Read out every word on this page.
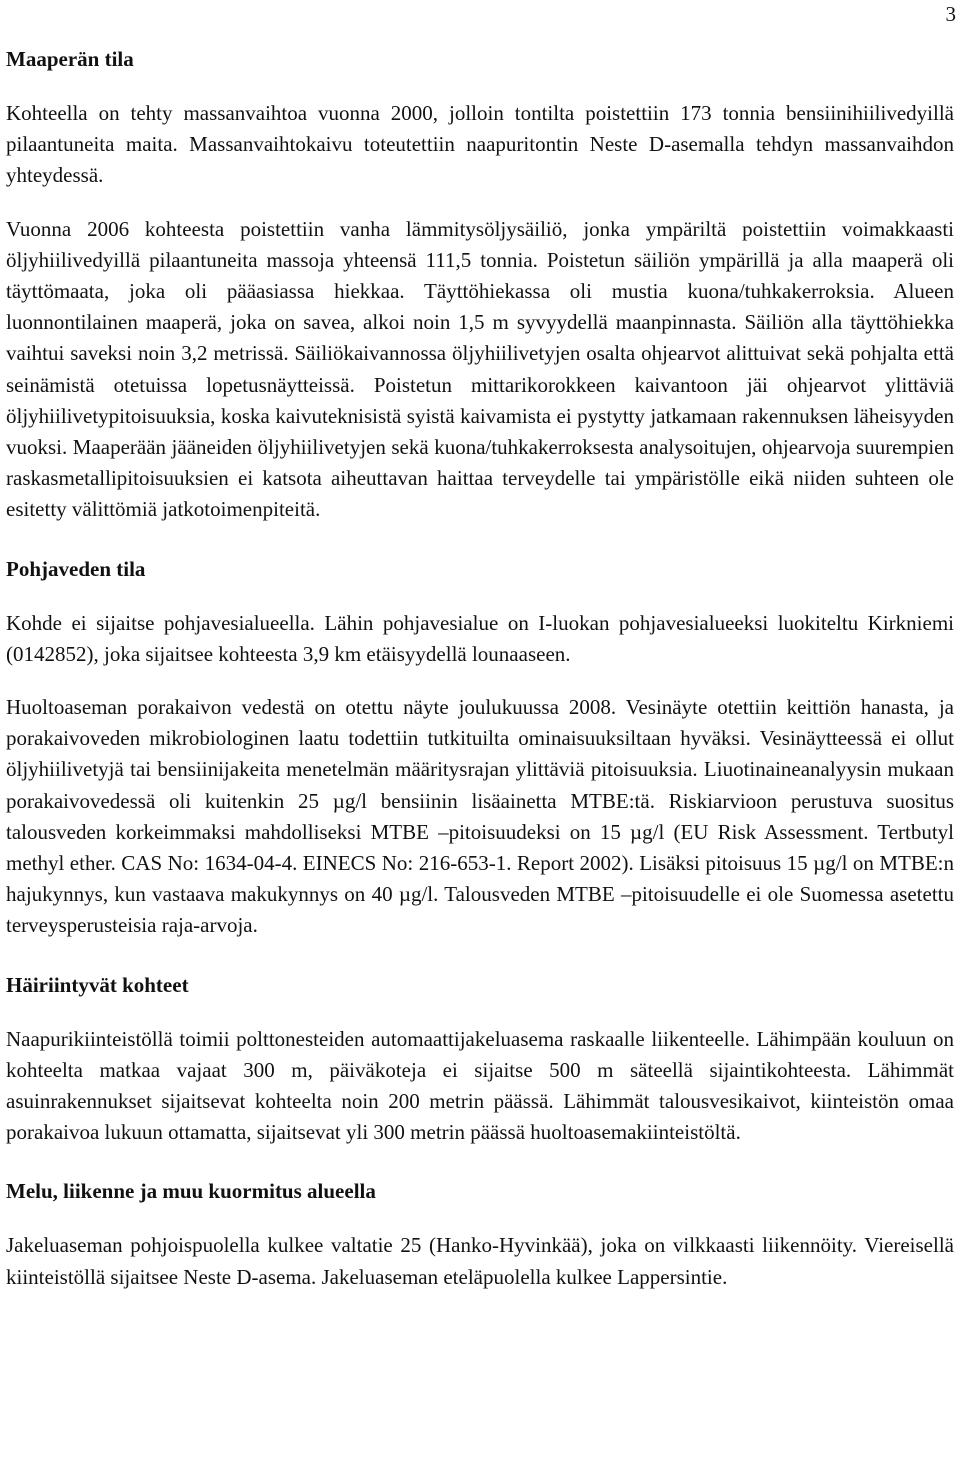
3
Maaperän tila

Kohteella on tehty massanvaihtoa vuonna 2000, jolloin tontilta poistettiin 173 tonnia bensiinihiilivedyillä pilaantuneita maita. Massanvaihtokaivu toteutettiin naapuritontin Neste D-asemalla tehdyn massanvaihdon yhteydessä.

Vuonna 2006 kohteesta poistettiin vanha lämmitysöljysäiliö, jonka ympäriltä poistettiin voimakkaasti öljyhiilivedyillä pilaantuneita massoja yhteensä 111,5 tonnia. Poistetun säiliön ympärillä ja alla maaperä oli täyttömaata, joka oli pääasiassa hiekkaa. Täyttöhiekassa oli mustia kuona/tuhkakerroksia. Alueen luonnontilainen maaperä, joka on savea, alkoi noin 1,5 m syvyydellä maanpinnasta. Säiliön alla täyttöhiekka vaihtui saveksi noin 3,2 metrissä. Säiliökaivannossa öljyhiilivetyjen osalta ohjearvot alittuivat sekä pohjalta että seinämistä otetuissa lopetusnäytteissä. Poistetun mittarikorokkeen kaivantoon jäi ohjearvot ylittäviä öljyhiilivetypitoisuuksia, koska kaivuteknisistä syistä kaivamista ei pystytty jatkamaan rakennuksen läheisyyden vuoksi. Maaperään jääneiden öljyhiilivetyjen sekä kuona/tuhkakerroksesta analysoitujen, ohjearvoja suurempien raskasmetallipitoisuuksien ei katsota aiheuttavan haittaa terveydelle tai ympäristölle eikä niiden suhteen ole esitetty välittömiä jatkotoimenpiteitä.

Pohjaveden tila

Kohde ei sijaitse pohjavesialueella. Lähin pohjavesialue on I-luokan pohjavesialueeksi luokiteltu Kirkniemi (0142852), joka sijaitsee kohteesta 3,9 km etäisyydellä lounaaseen.

Huoltoaseman porakaivon vedestä on otettu näyte joulukuussa 2008. Vesinäyte otettiin keittiön hanasta, ja porakaivoveden mikrobiologinen laatu todettiin tutkituilta ominaisuuksiltaan hyväksi. Vesinäytteessä ei ollut öljyhiilivetyjä tai bensiinijakeita menetelmän määritysrajan ylittäviä pitoisuuksia. Liuotinaineanalyysin mukaan porakaivovedessä oli kuitenkin 25 µg/l bensiinin lisäainetta MTBE:tä. Riskiarvioon perustuva suositus talousveden korkeimmaksi mahdolliseksi MTBE –pitoisuudeksi on 15 µg/l (EU Risk Assessment. Tertbutyl methyl ether. CAS No: 1634-04-4. EINECS No: 216-653-1. Report 2002). Lisäksi pitoisuus 15 µg/l on MTBE:n hajukynnys, kun vastaava makukynnys on 40 µg/l. Talousveden MTBE –pitoisuudelle ei ole Suomessa asetettu terveysperusteisia raja-arvoja.

Häiriintyvät kohteet

Naapurikiinteistöllä toimii polttonesteiden automaattijakeluasema raskaalle liikenteelle. Lähimpään kouluun on kohteelta matkaa vajaat 300 m, päiväkoteja ei sijaitse 500 m säteellä sijaintikohteesta. Lähimmät asuinrakennukset sijaitsevat kohteelta noin 200 metrin päässä. Lähimmät talousvesikaivot, kiinteistön omaa porakaivoa lukuun ottamatta, sijaitsevat yli 300 metrin päässä huoltoasemakiinteistöltä.

Melu, liikenne ja muu kuormitus alueella

Jakeluaseman pohjoispuolella kulkee valtatie 25 (Hanko-Hyvinkää), joka on vilkkaasti liikennöity. Viereisellä kiinteistöllä sijaitsee Neste D-asema. Jakeluaseman eteläpuolella kulkee Lappersintie.
